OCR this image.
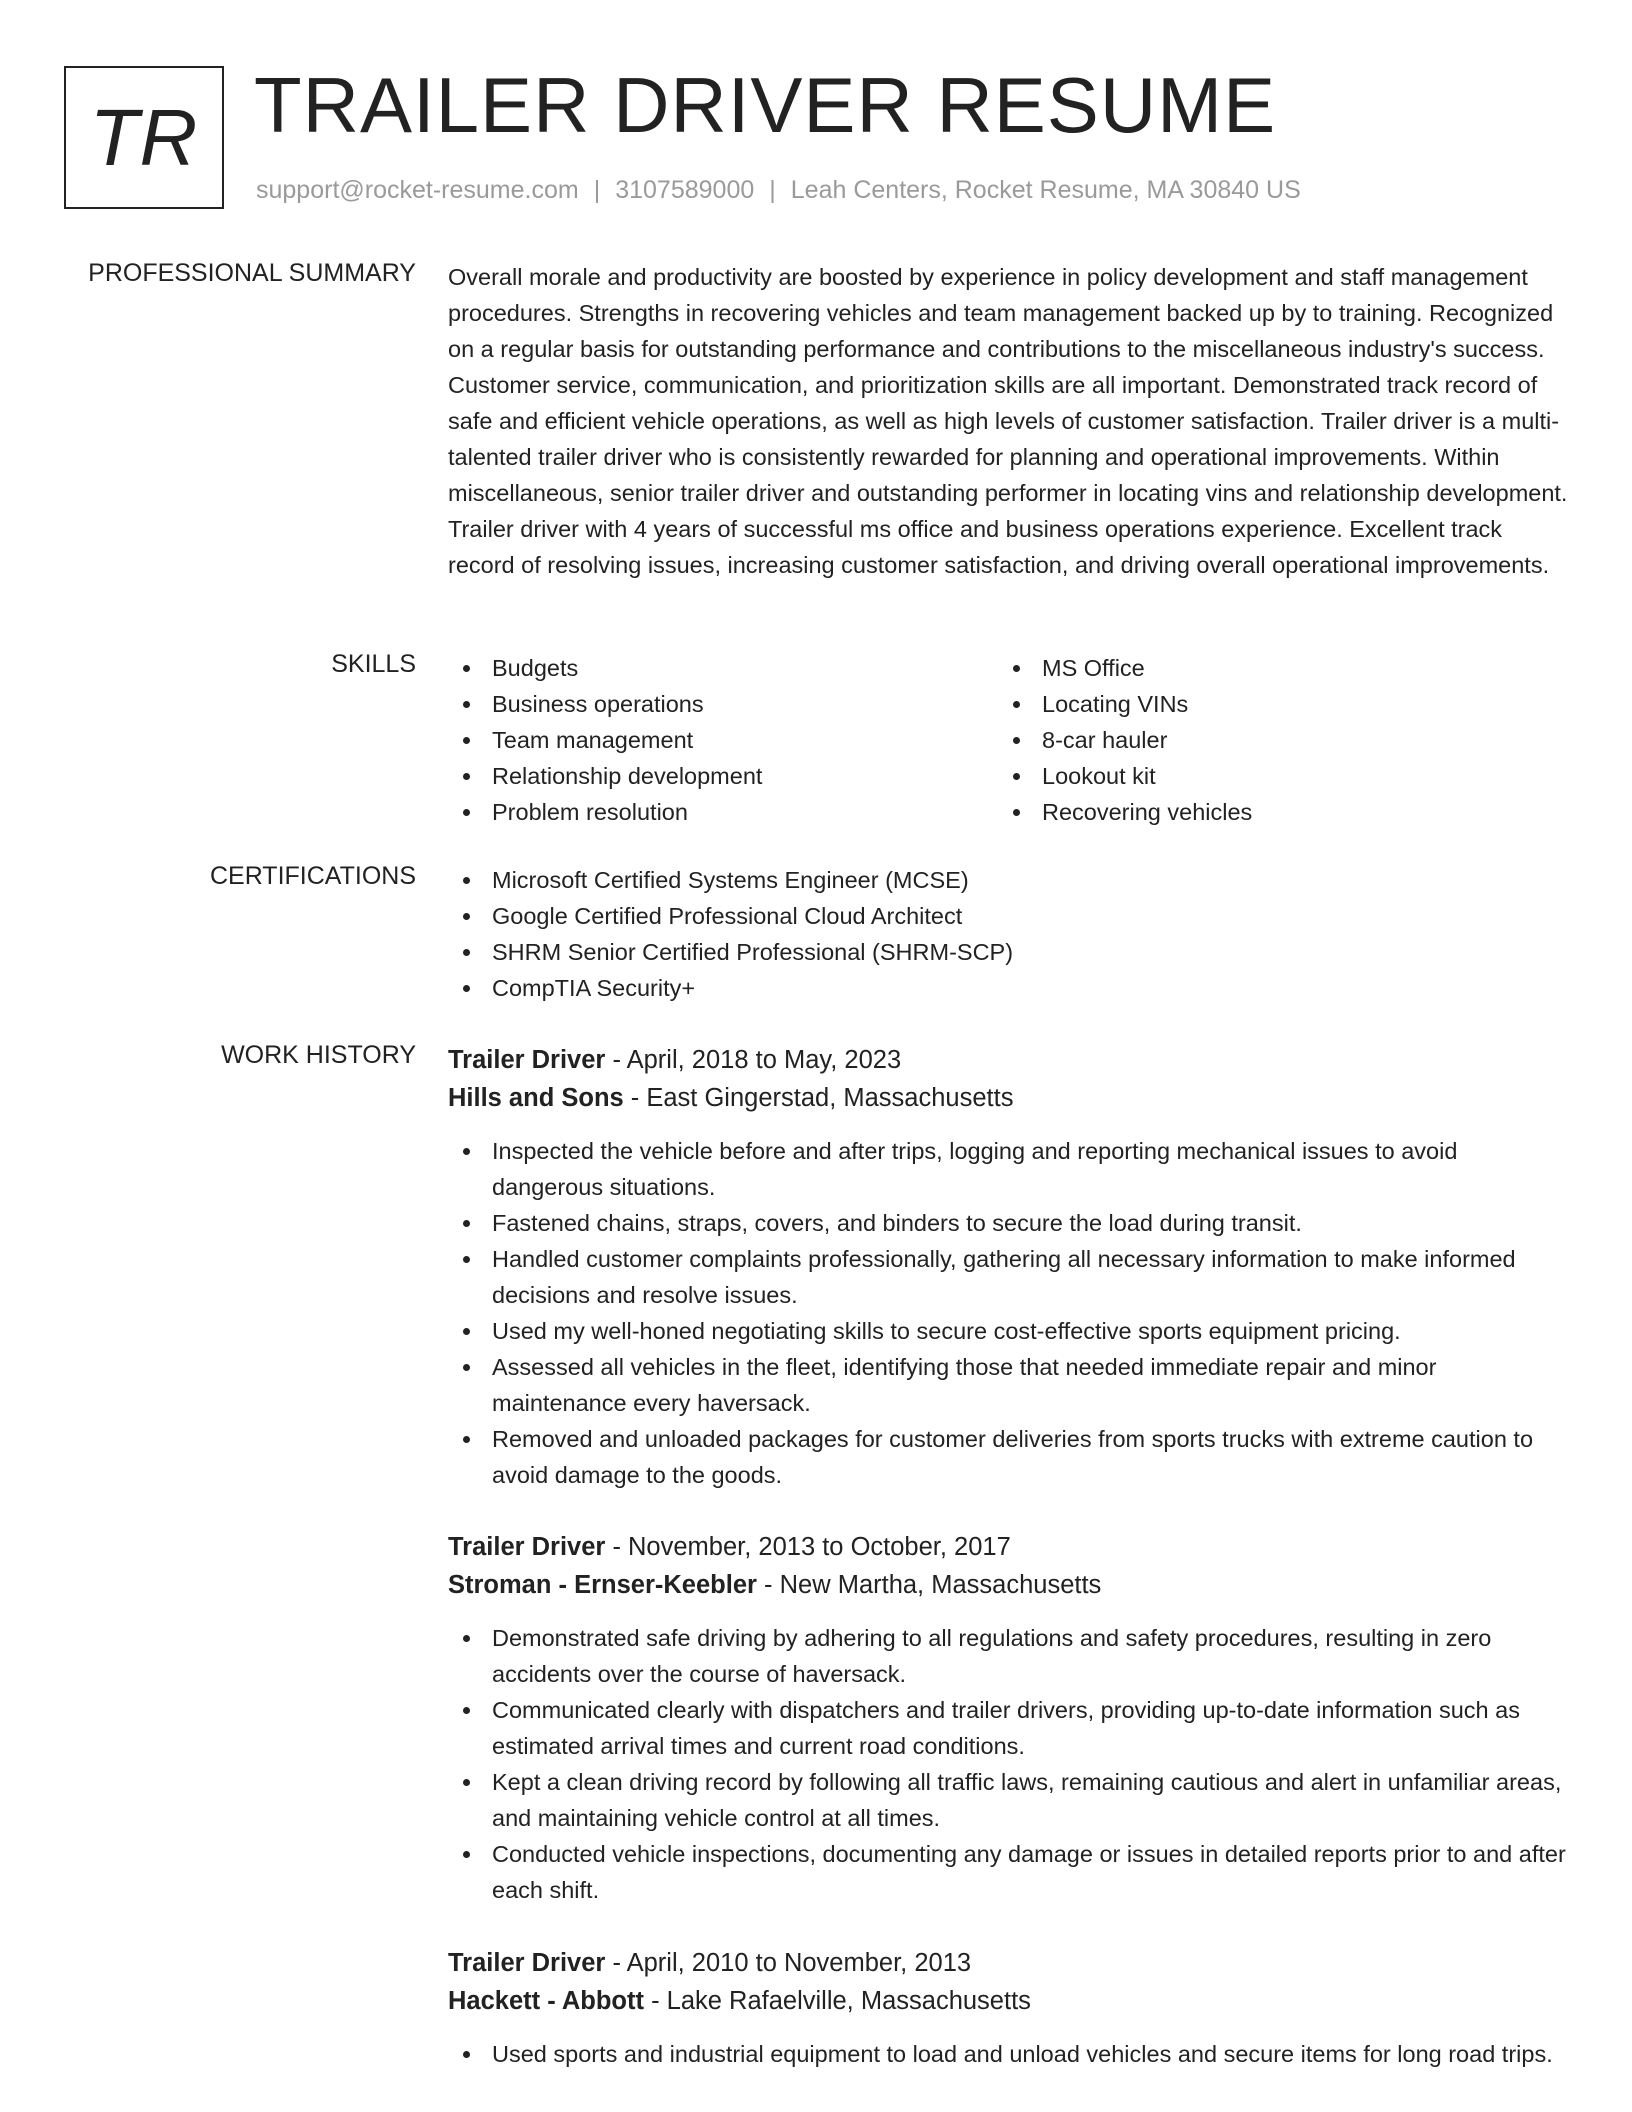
TR TRAILER DRIVER RESUME
support@rocket-resume.com | 3107589000 | Leah Centers, Rocket Resume, MA 30840 US
PROFESSIONAL SUMMARY Overall morale and productivity are boosted by experience in policy development and staff management procedures. Strengths in recovering vehicles and team management backed up by to training. Recognized on a regular basis for outstanding performance and contributions to the miscellaneous industry's success. Customer service, communication, and prioritization skills are all important. Demonstrated track record of safe and efficient vehicle operations, as well as high levels of customer satisfaction. Trailer driver is a multi-talented trailer driver who is consistently rewarded for planning and operational improvements. Within miscellaneous, senior trailer driver and outstanding performer in locating vins and relationship development. Trailer driver with 4 years of successful ms office and business operations experience. Excellent track record of resolving issues, increasing customer satisfaction, and driving overall operational improvements.
SKILLS	Budgets
Business operations
Team management
Relationship development
Problem resolution
MS Office
Locating VINs
8-car hauler
Lookout kit
Recovering vehicles
CERTIFICATIONS	Microsoft Certified Systems Engineer (MCSE)
Google Certified Professional Cloud Architect
SHRM Senior Certified Professional (SHRM-SCP)
CompTIA Security+
WORK HISTORY Trailer Driver - April, 2018 to May, 2023
Hills and Sons - East Gingerstad, Massachusetts
Inspected the vehicle before and after trips, logging and reporting mechanical issues to avoid dangerous situations.
Fastened chains, straps, covers, and binders to secure the load during transit.
Handled customer complaints professionally, gathering all necessary information to make informed decisions and resolve issues.
Used my well-honed negotiating skills to secure cost-effective sports equipment pricing.
Assessed all vehicles in the fleet, identifying those that needed immediate repair and minor maintenance every haversack.
Removed and unloaded packages for customer deliveries from sports trucks with extreme caution to avoid damage to the goods.
Trailer Driver - November, 2013 to October, 2017
Stroman - Ernser-Keebler - New Martha, Massachusetts
Demonstrated safe driving by adhering to all regulations and safety procedures, resulting in zero accidents over the course of haversack.
Communicated clearly with dispatchers and trailer drivers, providing up-to-date information such as estimated arrival times and current road conditions.
Kept a clean driving record by following all traffic laws, remaining cautious and alert in unfamiliar areas, and maintaining vehicle control at all times.
Conducted vehicle inspections, documenting any damage or issues in detailed reports prior to and after each shift.
Trailer Driver - April, 2010 to November, 2013
Hackett - Abbott - Lake Rafaelville, Massachusetts
Used sports and industrial equipment to load and unload vehicles and secure items for long road trips.
